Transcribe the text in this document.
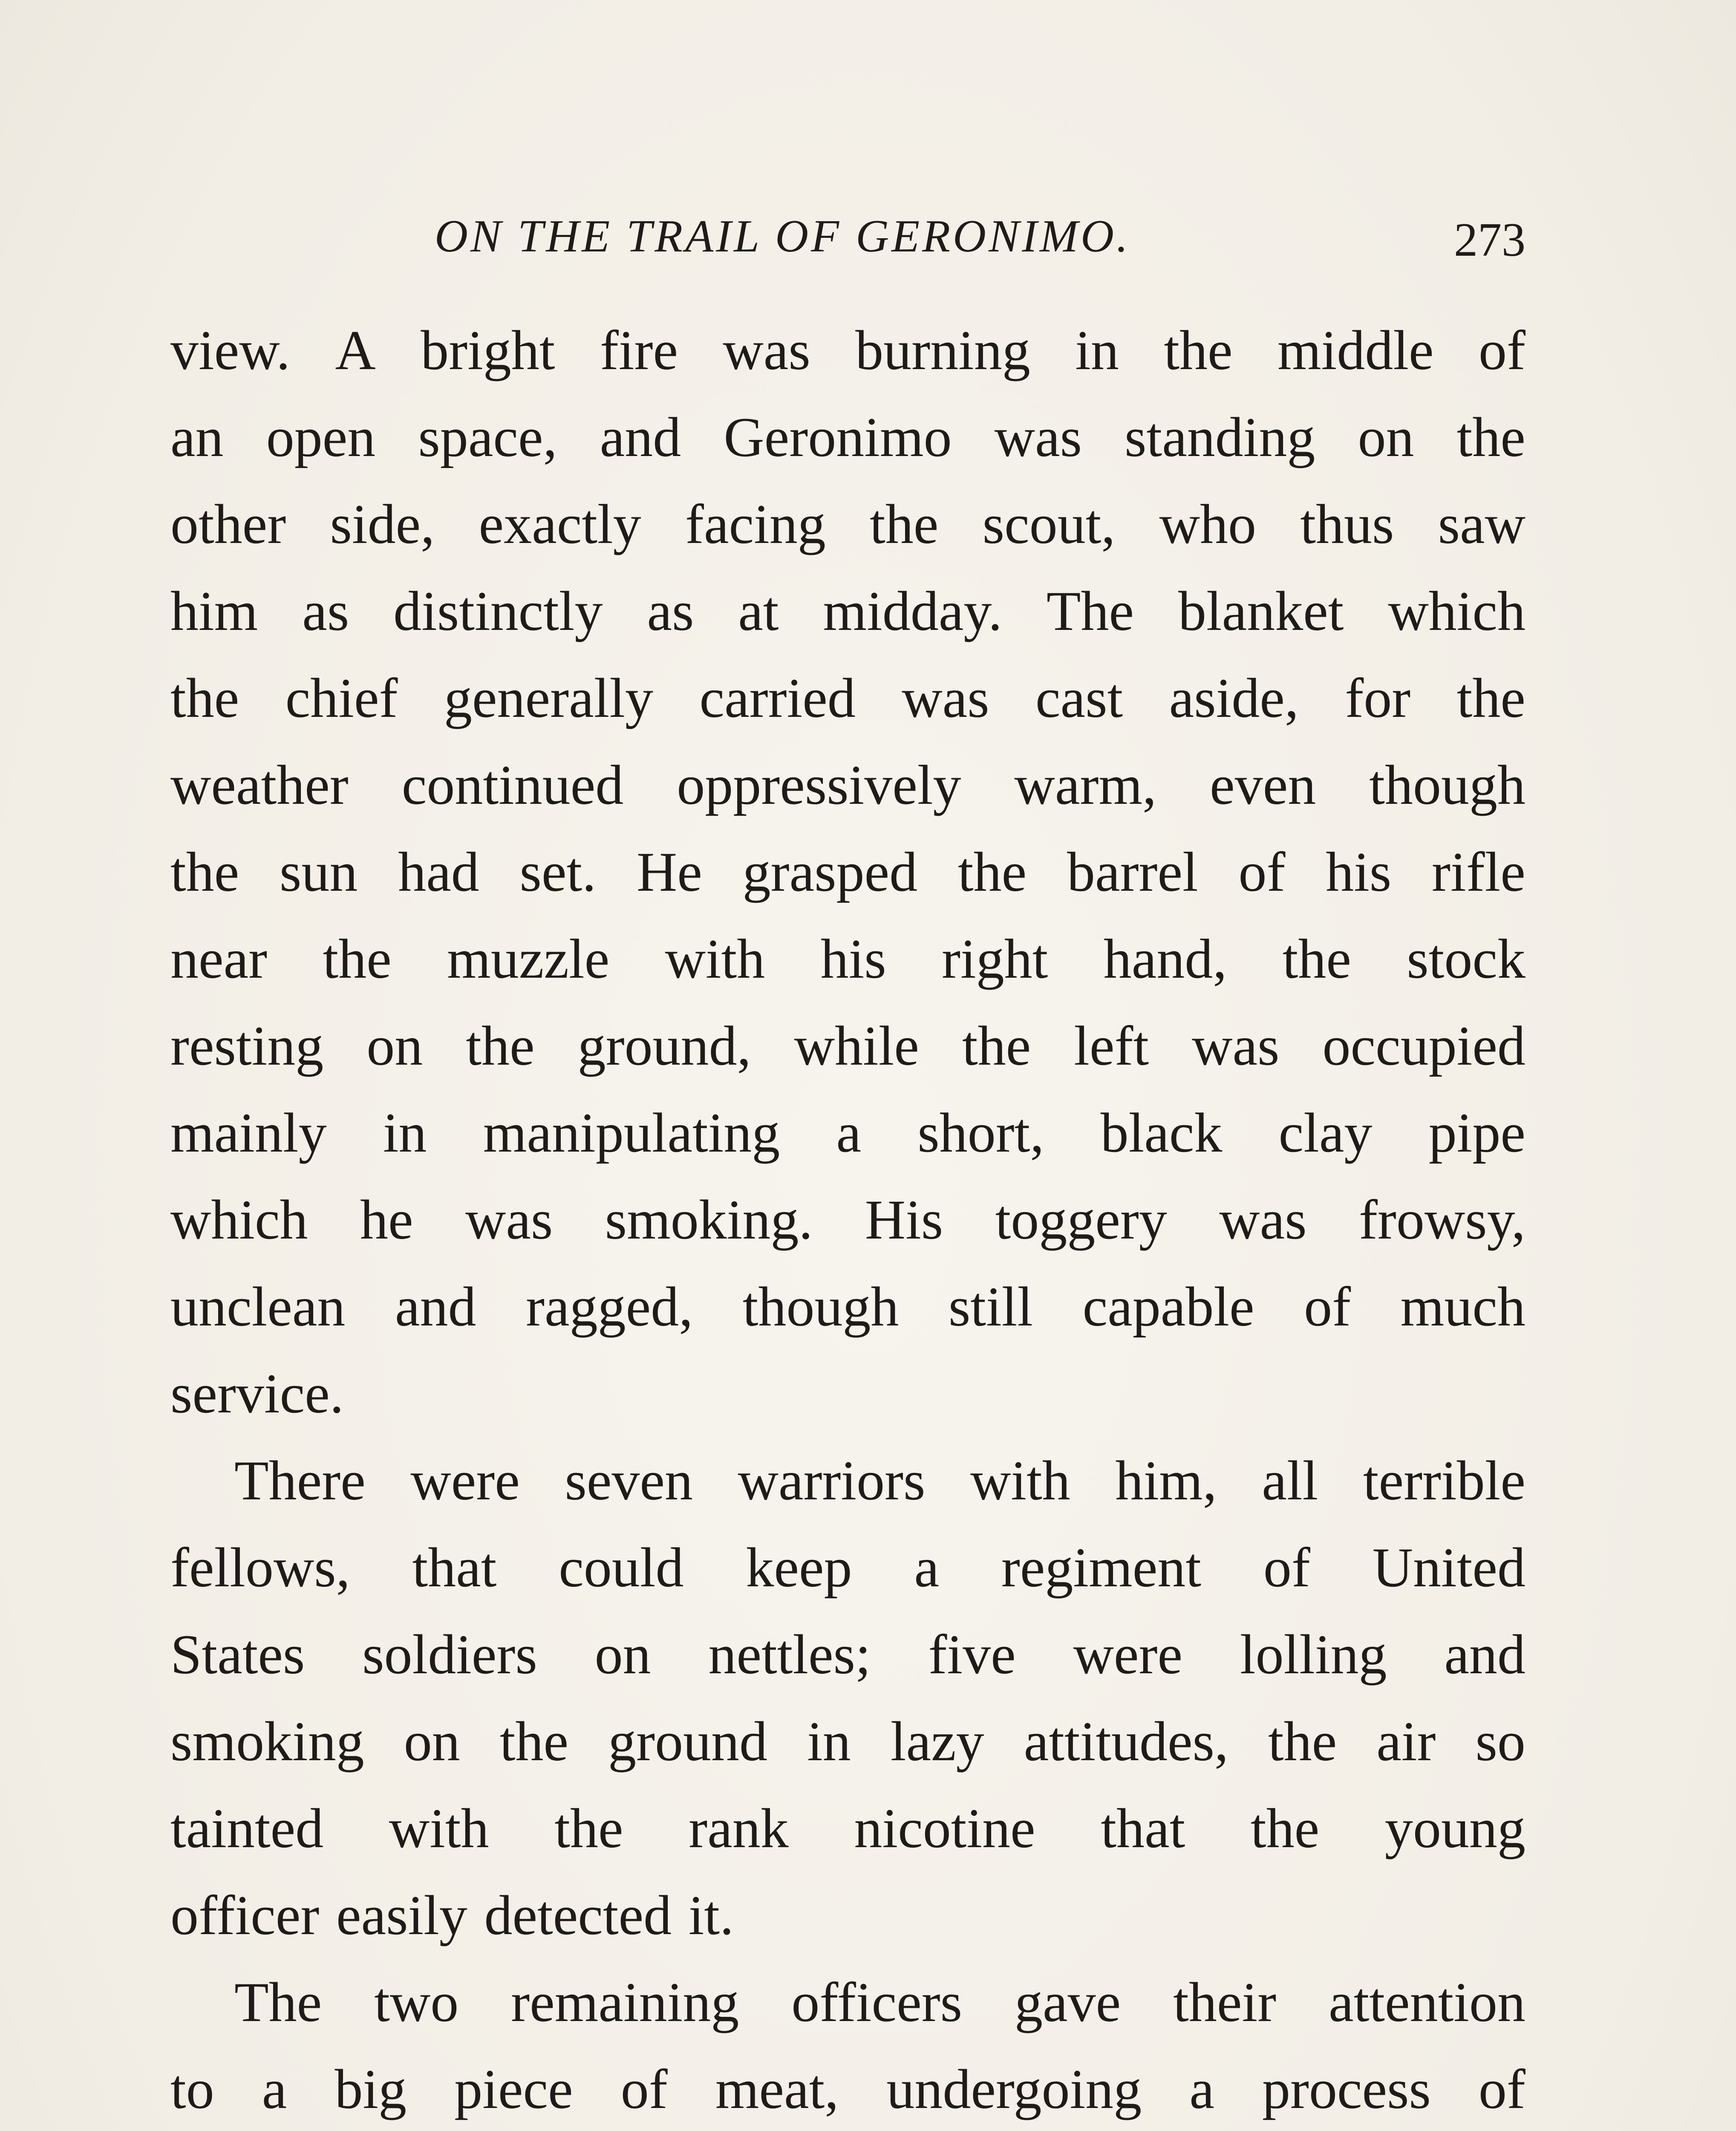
ON THE TRAIL OF GERONIMO.	273
view. A bright fire was burning in the middle of
an open space, and Geronimo was standing on the
other side, exactly facing the scout, who thus saw
him as distinctly as at midday. The blanket which
the chief generally carried was cast aside, for the
weather continued oppressively warm, even though
the sun had set. He grasped the barrel of his rifle
near the muzzle with his right hand, the stock
resting on the ground, while the left was occupied
mainly in manipulating a short, black clay pipe
which he was smoking. His toggery was frowsy,
unclean and ragged, though still capable of much
service.
There were seven warriors with him, all terrible
fellows, that could keep a regiment of United
States soldiers on nettles; five were lolling and
smoking on the ground in lazy attitudes, the air so
tainted with the rank nicotine that the young
officer easily detected it.
The two remaining officers gave their attention
to a big piece of meat, undergoing a process of
